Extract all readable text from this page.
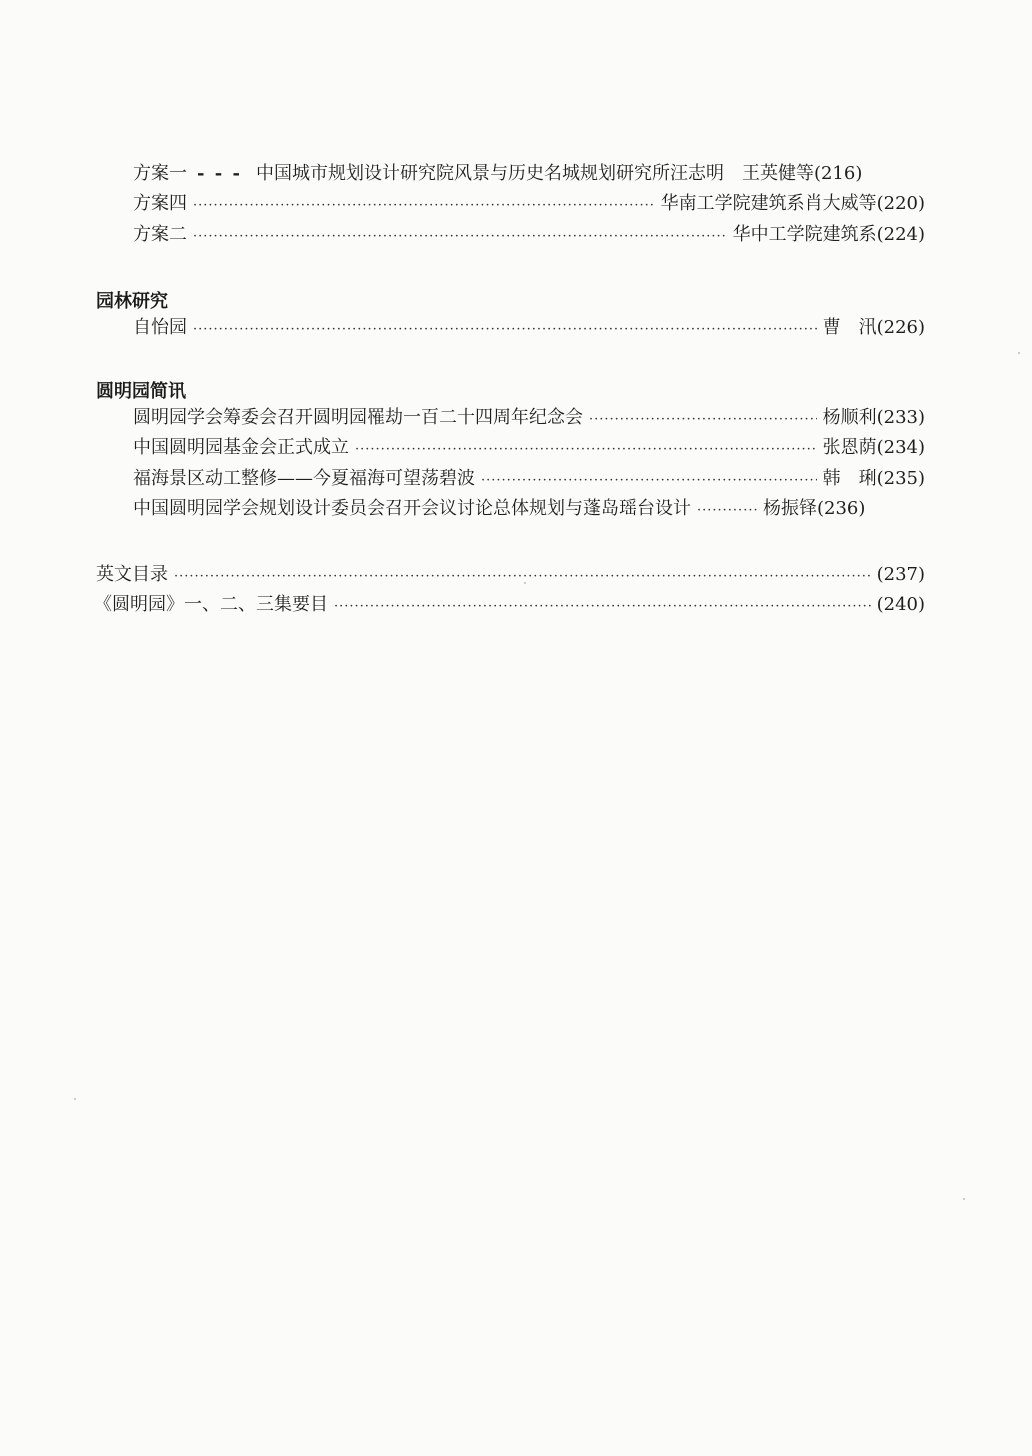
方案一 - - - 中国城市规划设计研究院风景与历史名城规划研究所汪志明　王英健等 (216)
方案四 ·····	华南工学院建筑系肖大威等 (220)
方案二 ·····	华中工学院建筑系 (224)
园林研究
自怡园 ·····	曹　汛 (226)
圆明园简讯
圆明园学会筹委会召开圆明园罹劫一百二十四周年纪念会 ·····	杨顺利 (233)
中国圆明园基金会正式成立 ·····	张恩荫 (234)
福海景区动工整修——今夏福海可望荡碧波 ·····	韩　琍 (235)
中国圆明园学会规划设计委员会召开会议讨论总体规划与蓬岛瑶台设计 ·····	杨振铎 (236)
英文目录 ·····	(237)
《圆明园》一、二、三集要目 ·····	(240)
